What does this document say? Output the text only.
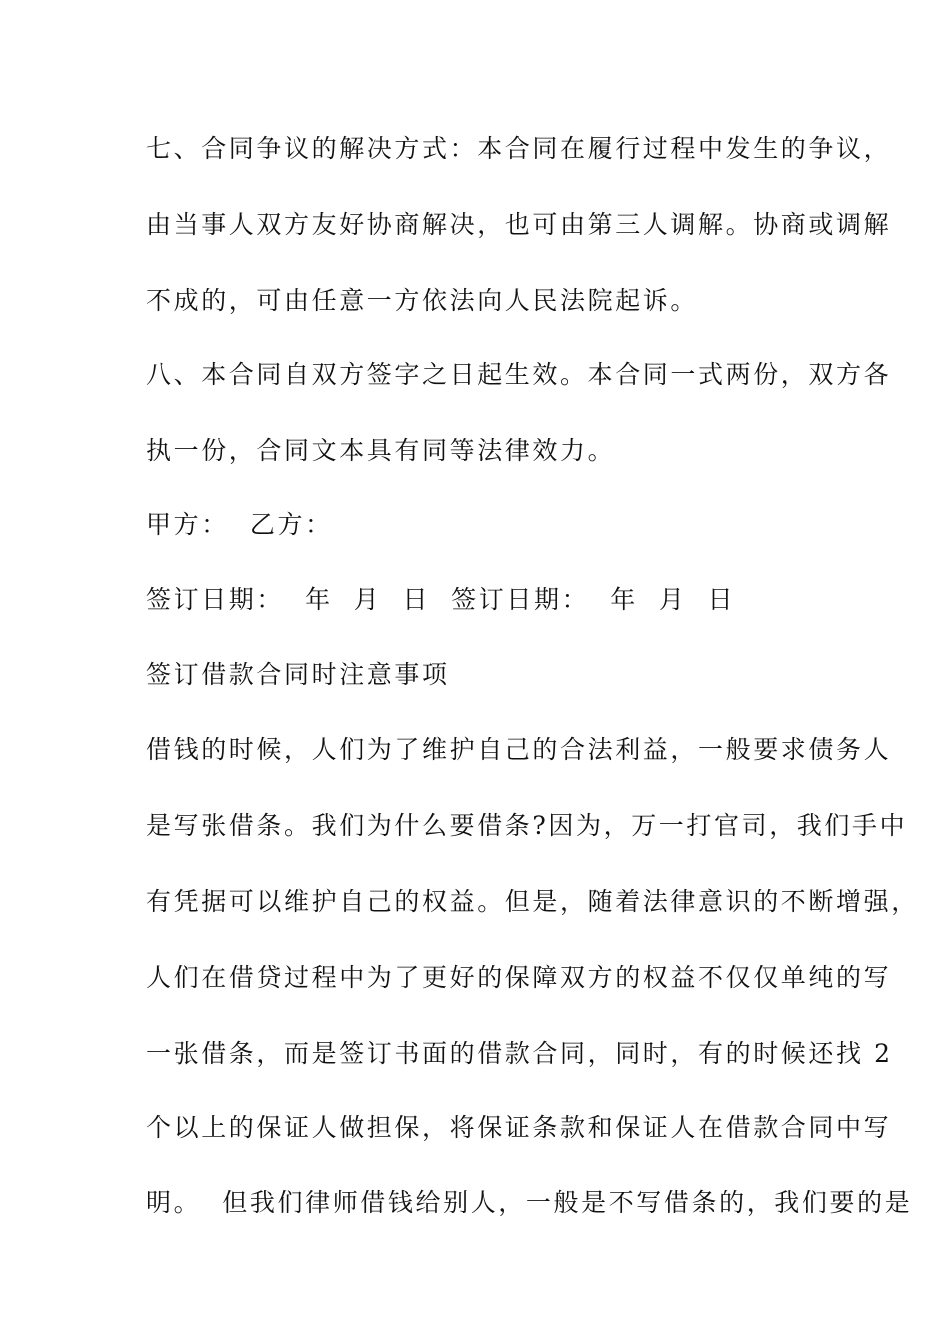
七、合同争议的解决方式：本合同在履行过程中发生的争议，
由当事人双方友好协商解决，也可由第三人调解。协商或调解
不成的，可由任意一方依法向人民法院起诉。
八、本合同自双方签字之日起生效。本合同一式两份，双方各
执一份，合同文本具有同等法律效力。
甲方：  乙方：
签订日期：  年  月  日  签订日期：  年  月  日
签订借款合同时注意事项
借钱的时候，人们为了维护自己的合法利益，一般要求债务人
是写张借条。我们为什么要借条?因为，万一打官司，我们手中
有凭据可以维护自己的权益。但是，随着法律意识的不断增强，
人们在借贷过程中为了更好的保障双方的权益不仅仅单纯的写
一张借条，而是签订书面的借款合同，同时，有的时候还找 2
个以上的保证人做担保，将保证条款和保证人在借款合同中写
明。  但我们律师借钱给别人，一般是不写借条的，我们要的是
